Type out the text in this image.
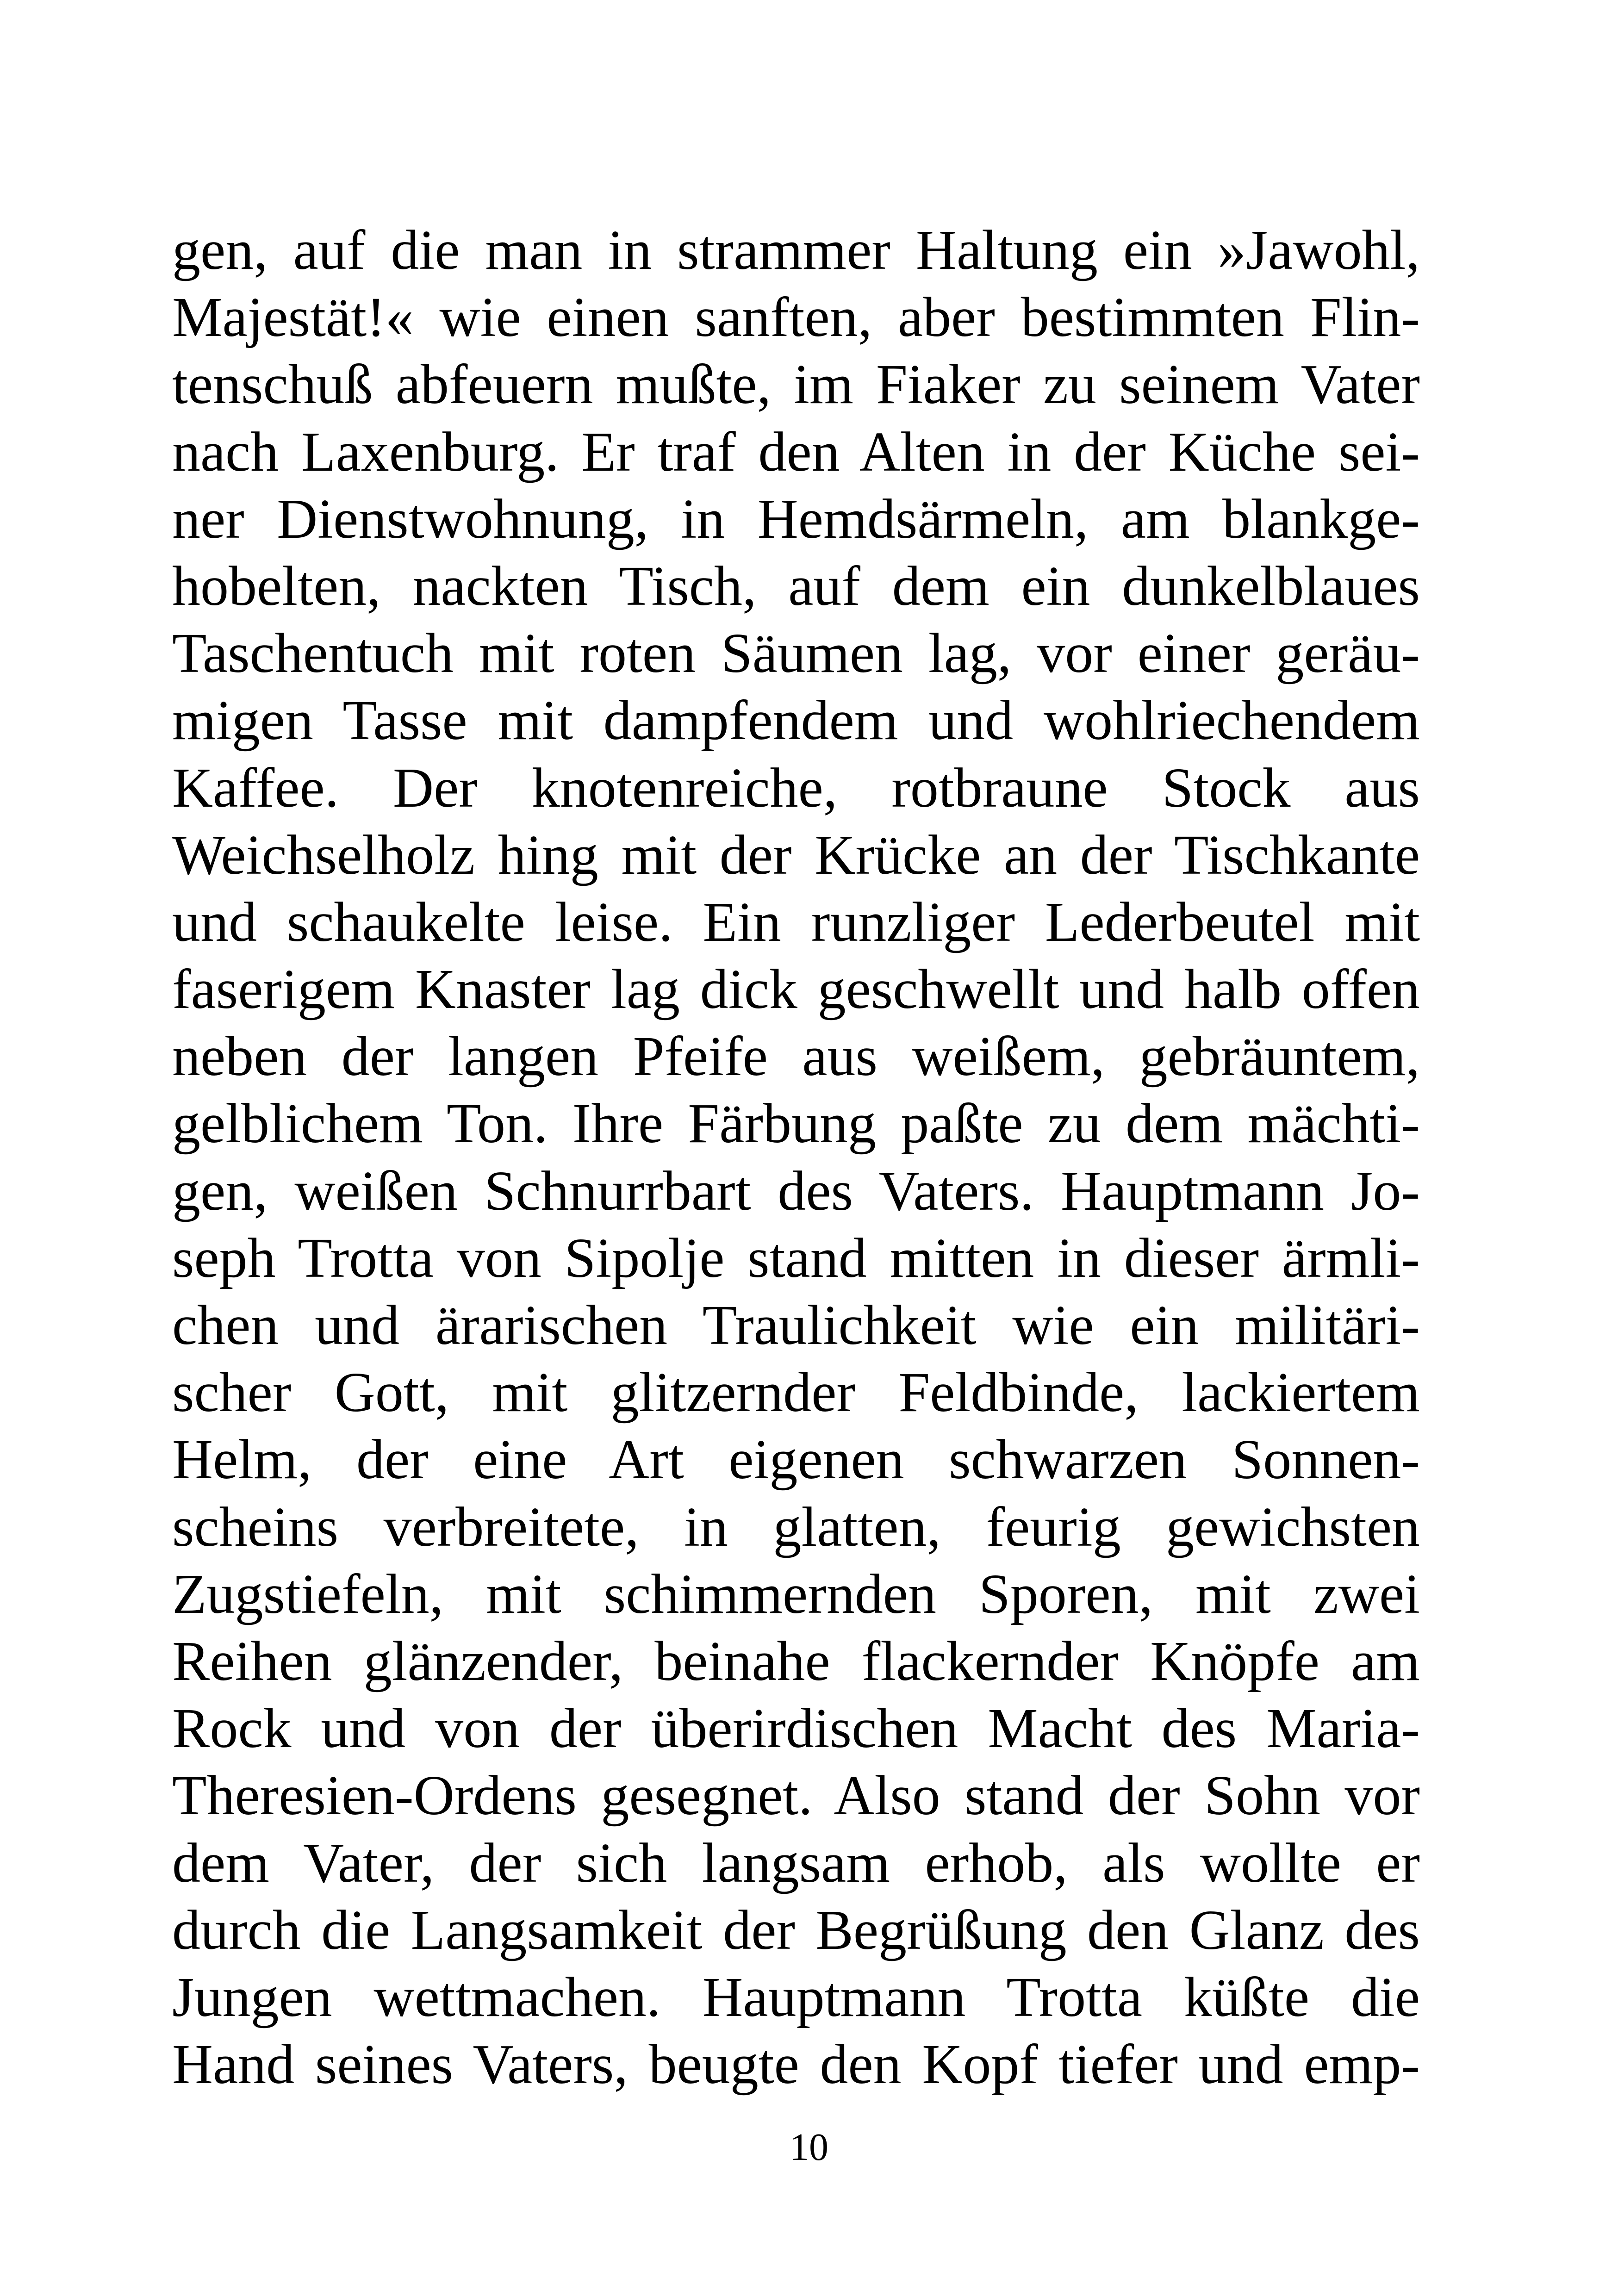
gen, auf die man in strammer Haltung ein »Jawohl,
Majestät!« wie einen sanften, aber bestimmten Flin-
tenschuß abfeuern mußte, im Fiaker zu seinem Vater
nach Laxenburg. Er traf den Alten in der Küche sei-
ner Dienstwohnung, in Hemdsärmeln, am blankge-
hobelten, nackten Tisch, auf dem ein dunkelblaues
Taschentuch mit roten Säumen lag, vor einer geräu-
migen Tasse mit dampfendem und wohlriechendem
Kaffee. Der knotenreiche, rotbraune Stock aus
Weichselholz hing mit der Krücke an der Tischkante
und schaukelte leise. Ein runzliger Lederbeutel mit
faserigem Knaster lag dick geschwellt und halb offen
neben der langen Pfeife aus weißem, gebräuntem,
gelblichem Ton. Ihre Färbung paßte zu dem mächti-
gen, weißen Schnurrbart des Vaters. Hauptmann Jo-
seph Trotta von Sipolje stand mitten in dieser ärmli-
chen und ärarischen Traulichkeit wie ein militäri-
scher Gott, mit glitzernder Feldbinde, lackiertem
Helm, der eine Art eigenen schwarzen Sonnen-
scheins verbreitete, in glatten, feurig gewichsten
Zugstiefeln, mit schimmernden Sporen, mit zwei
Reihen glänzender, beinahe flackernder Knöpfe am
Rock und von der überirdischen Macht des Maria-
Theresien-Ordens gesegnet. Also stand der Sohn vor
dem Vater, der sich langsam erhob, als wollte er
durch die Langsamkeit der Begrüßung den Glanz des
Jungen wettmachen. Hauptmann Trotta küßte die
Hand seines Vaters, beugte den Kopf tiefer und emp-
10
